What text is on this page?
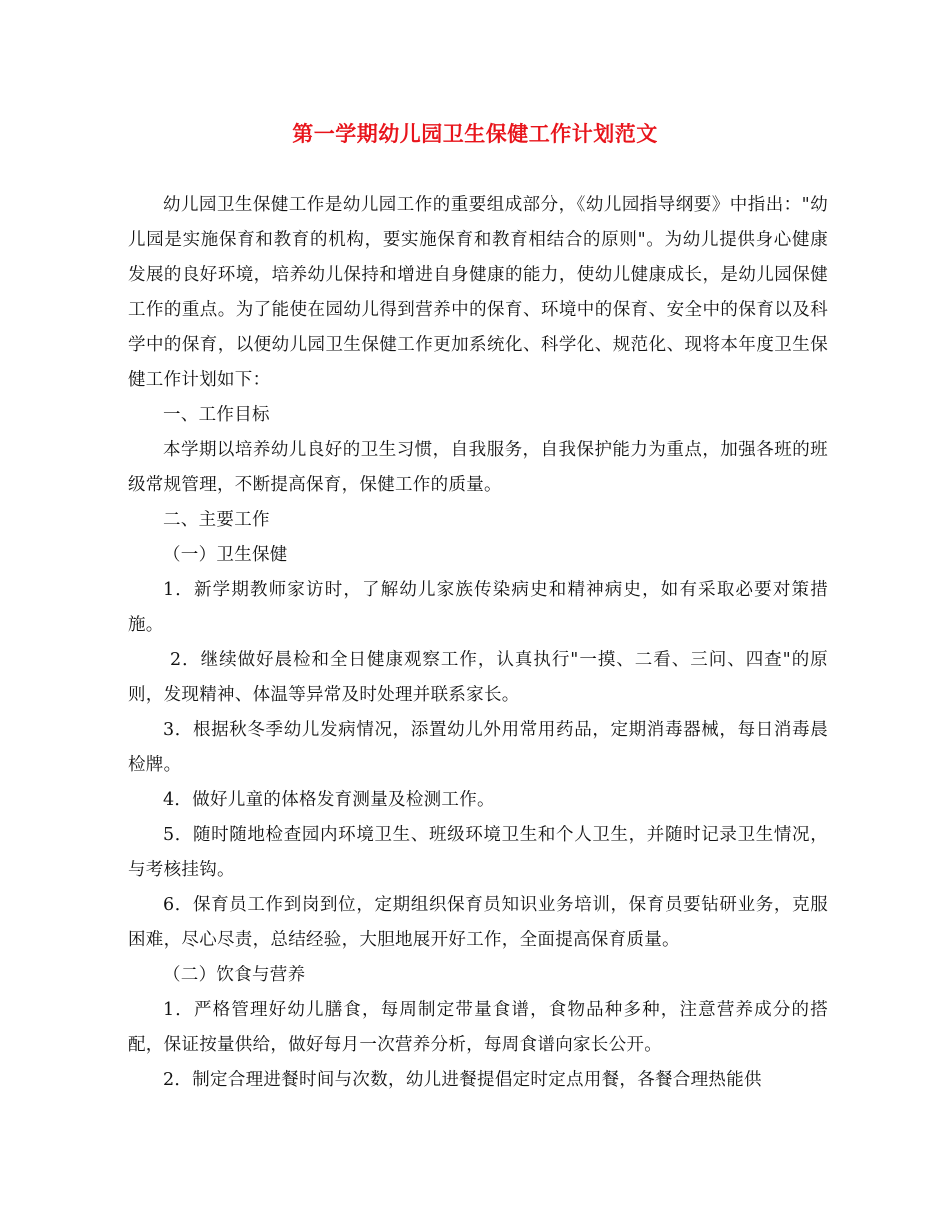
第一学期幼儿园卫生保健工作计划范文

幼儿园卫生保健工作是幼儿园工作的重要组成部分，《幼儿园指导纲要》中指出："幼儿园是实施保育和教育的机构，要实施保育和教育相结合的原则"。为幼儿提供身心健康发展的良好环境，培养幼儿保持和增进自身健康的能力，使幼儿健康成长，是幼儿园保健工作的重点。为了能使在园幼儿得到营养中的保育、环境中的保育、安全中的保育以及科学中的保育，以便幼儿园卫生保健工作更加系统化、科学化、规范化、现将本年度卫生保健工作计划如下：

一、工作目标

本学期以培养幼儿良好的卫生习惯，自我服务，自我保护能力为重点，加强各班的班级常规管理，不断提高保育，保健工作的质量。

二、主要工作

（一）卫生保健

1．新学期教师家访时，了解幼儿家族传染病史和精神病史，如有采取必要对策措施。

2．继续做好晨检和全日健康观察工作，认真执行"一摸、二看、三问、四查"的原则，发现精神、体温等异常及时处理并联系家长。

3．根据秋冬季幼儿发病情况，添置幼儿外用常用药品，定期消毒器械，每日消毒晨检牌。

4．做好儿童的体格发育测量及检测工作。

5．随时随地检查园内环境卫生、班级环境卫生和个人卫生，并随时记录卫生情况，与考核挂钩。

6．保育员工作到岗到位，定期组织保育员知识业务培训，保育员要钻研业务，克服困难，尽心尽责，总结经验，大胆地展开好工作，全面提高保育质量。

（二）饮食与营养

1．严格管理好幼儿膳食，每周制定带量食谱，食物品种多种，注意营养成分的搭配，保证按量供给，做好每月一次营养分析，每周食谱向家长公开。

2．制定合理进餐时间与次数，幼儿进餐提倡定时定点用餐，各餐合理热能供
